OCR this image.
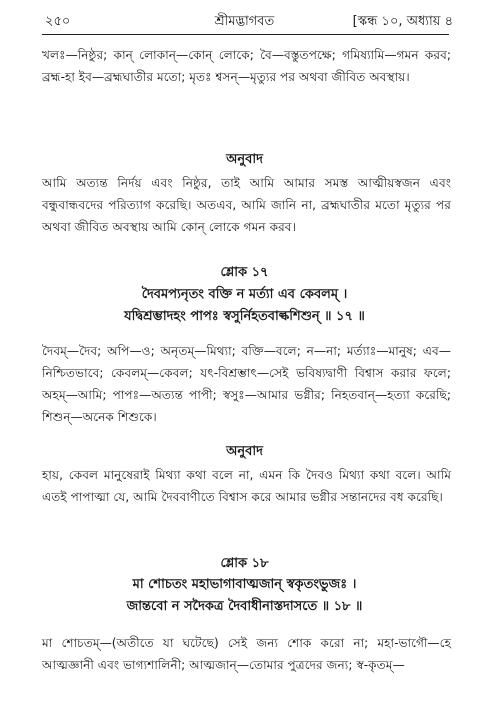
২৫০	শ্রীমদ্ভাগবত	[স্কন্ধ ১০, অধ্যায় ৪

খলঃ—নিষ্ঠুর; কান্ লোকান্—কোন্ লোকে; বৈ—বস্তুতপক্ষে; গমিষ্যামি—গমন করব; ব্রহ্ম-হা ইব—ব্রহ্মঘাতীর মতো; মৃতঃ শ্বসন্—মৃত্যুর পর অথবা জীবিত অবস্থায়।

অনুবাদ

আমি অত্যন্ত নির্দয় এবং নিষ্ঠুর, তাই আমি আমার সমস্ত আত্মীয়স্বজন এবং বন্ধুবান্ধবদের পরিত্যাগ করেছি। অতএব, আমি জানি না, ব্রহ্মঘাতীর মতো মৃত্যুর পর অথবা জীবিত অবস্থায় আমি কোন্ লোকে গমন করব।

শ্লোক ১৭

দৈবমপ্যনৃতং বক্তি ন মর্ত্যা এব কেবলম্ ।

যদ্বিশ্রম্ভাদহং পাপঃ স্বসুর্নিহতবাল্কশিশুন্ ॥ ১৭ ॥

দৈবম্—দৈব; অপি—ও; অনৃতম্—মিথ্যা; বক্তি—বলে; ন—না; মর্ত্যাঃ—মানুষ; এব—নিশ্চিতভাবে; কেবলম্—কেবল; যৎ-বিশ্রম্ভাৎ—সেই ভবিষ্যদ্বাণী বিশ্বাস করার ফলে; অহম্—আমি; পাপঃ—অত্যন্ত পাপী; স্বসুঃ—আমার ভগ্নীর; নিহতবান্—হত্যা করেছি; শিশুন্—অনেক শিশুকে।

অনুবাদ

হায়, কেবল মানুষেরাই মিথ্যা কথা বলে না, এমন কি দৈবও মিথ্যা কথা বলে। আমি এতই পাপাত্মা যে, আমি দৈববাণীতে বিশ্বাস করে আমার ভগ্নীর সন্তানদের বধ করেছি।

শ্লোক ১৮

মা শোচতং মহাভাগাবাত্মজান্ স্বকৃতংভুজঃ ।

জান্তবো ন সদৈকত্র দৈবাধীনাস্তদাসতে ॥ ১৮ ॥

মা শোচতম্—(অতীতে যা ঘটেছে) সেই জন্য শোক করো না; মহা-ভাগৌ—হে আত্মজ্ঞানী এবং ভাগ্যশালিনী; আত্মজান্—তোমার পুত্রদের জন্য; স্ব-কৃতম্—
